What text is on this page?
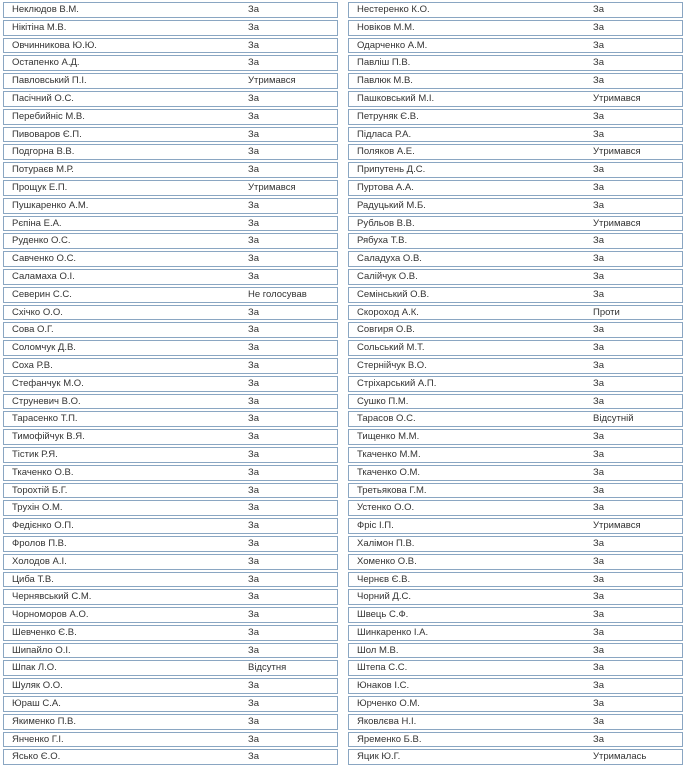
Неклюдов В.М.	За
Нікітіна М.В.	За
Овчинникова Ю.Ю.	За
Остапенко А.Д.	За
Павловський П.І.	Утримався
Пасічний О.С.	За
Перебийніс М.В.	За
Пивоваров Є.П.	За
Подгорна В.В.	За
Потураєв М.Р.	За
Прощук Е.П.	Утримався
Пушкаренко А.М.	За
Рєпіна Е.А.	За
Руденко О.С.	За
Савченко О.С.	За
Саламаха О.І.	За
Северин С.С.	Не голосував
Cхічко О.О.	За
Сова О.Г.	За
Соломчук Д.В.	За
Соха Р.В.	За
Стефанчук М.О.	За
Струневич В.О.	За
Тарасенко Т.П.	За
Тимофійчук В.Я.	За
Тістик Р.Я.	За
Ткаченко О.В.	За
Торохтій Б.Г.	За
Трухін О.М.	За
Федієнко О.П.	За
Фролов П.В.	За
Холодов А.І.	За
Циба Т.В.	За
Чернявський С.М.	За
Чорноморов А.О.	За
Шевченко Є.В.	За
Шипайло О.І.	За
Шпак Л.О.	Відсутня
Шуляк О.О.	За
Юраш С.А.	За
Якименко П.В.	За
Янченко Г.І.	За
Ясько Є.О.	За
Нестеренко К.О.	За
Новіков М.М.	За
Одарченко А.М.	За
Павліш П.В.	За
Павлюк М.В.	За
Пашковський М.І.	Утримався
Петруняк Є.В.	За
Підласа Р.А.	За
Поляков А.Е.	Утримався
Припутень Д.С.	За
Пуртова А.А.	За
Радуцький М.Б.	За
Рубльов В.В.	Утримався
Рябуха Т.В.	За
Саладуха О.В.	За
Салійчук О.В.	За
Семінський О.В.	За
Скороход А.К.	Проти
Совгиря О.В.	За
Сольський М.Т.	За
Стернійчук В.О.	За
Стріхарський А.П.	За
Сушко П.М.	За
Тарасов О.С.	Відсутній
Тищенко М.М.	За
Ткаченко М.М.	За
Ткаченко О.М.	За
Третьякова Г.М.	За
Устенко О.О.	За
Фріс І.П.	Утримався
Халімон П.В.	За
Хоменко О.В.	За
Чернєв Є.В.	За
Чорний Д.С.	За
Швець С.Ф.	За
Шинкаренко І.А.	За
Шол М.В.	За
Штепа С.С.	За
Юнаков І.С.	За
Юрченко О.М.	За
Яковлєва Н.І.	За
Яременко Б.В.	За
Яцик Ю.Г.	Утрималась
